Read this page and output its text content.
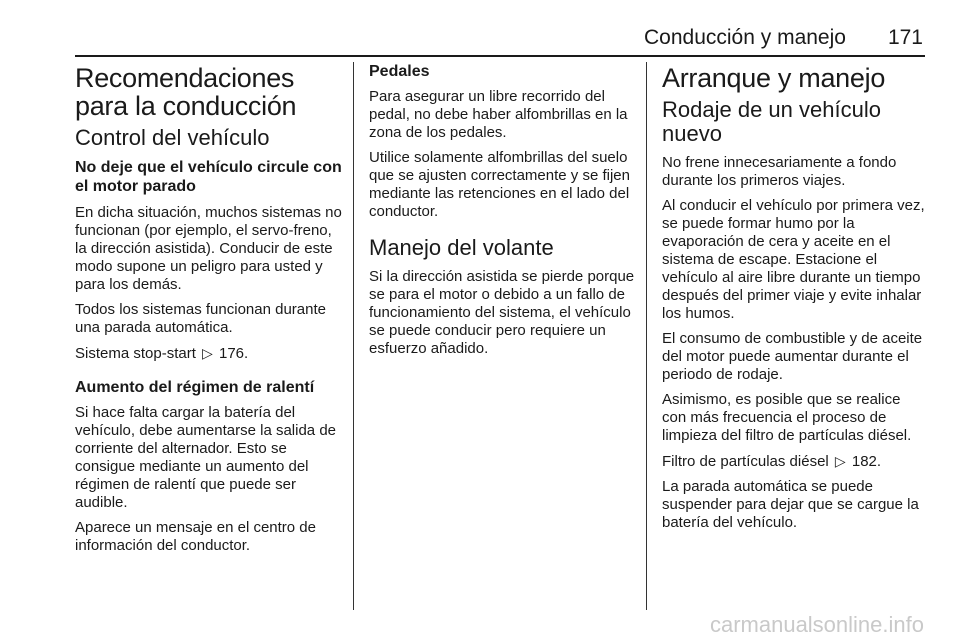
Conducción y manejo 171
Recomendaciones para la conducción
Control del vehículo
No deje que el vehículo circule con el motor parado

En dicha situación, muchos sistemas no funcionan (por ejemplo, el servo-freno, la dirección asistida). Conducir de este modo supone un peligro para usted y para los demás.

Todos los sistemas funcionan durante una parada automática.

Sistema stop-start ▷ 176.

Aumento del régimen de ralentí

Si hace falta cargar la batería del vehículo, debe aumentarse la salida de corriente del alternador. Esto se consigue mediante un aumento del régimen de ralentí que puede ser audible.

Aparece un mensaje en el centro de información del conductor.

Pedales

Para asegurar un libre recorrido del pedal, no debe haber alfombrillas en la zona de los pedales.

Utilice solamente alfombrillas del suelo que se ajusten correctamente y se fijen mediante las retenciones en el lado del conductor.

Manejo del volante

Si la dirección asistida se pierde porque se para el motor o debido a un fallo de funcionamiento del sistema, el vehículo se puede conducir pero requiere un esfuerzo añadido.

Arranque y manejo
Rodaje de un vehículo nuevo

No frene innecesariamente a fondo durante los primeros viajes.

Al conducir el vehículo por primera vez, se puede formar humo por la evaporación de cera y aceite en el sistema de escape. Estacione el vehículo al aire libre durante un tiempo después del primer viaje y evite inhalar los humos.

El consumo de combustible y de aceite del motor puede aumentar durante el periodo de rodaje.

Asimismo, es posible que se realice con más frecuencia el proceso de limpieza del filtro de partículas diésel.

Filtro de partículas diésel ▷ 182.

La parada automática se puede suspender para dejar que se cargue la batería del vehículo.

carmanualsonline.info
